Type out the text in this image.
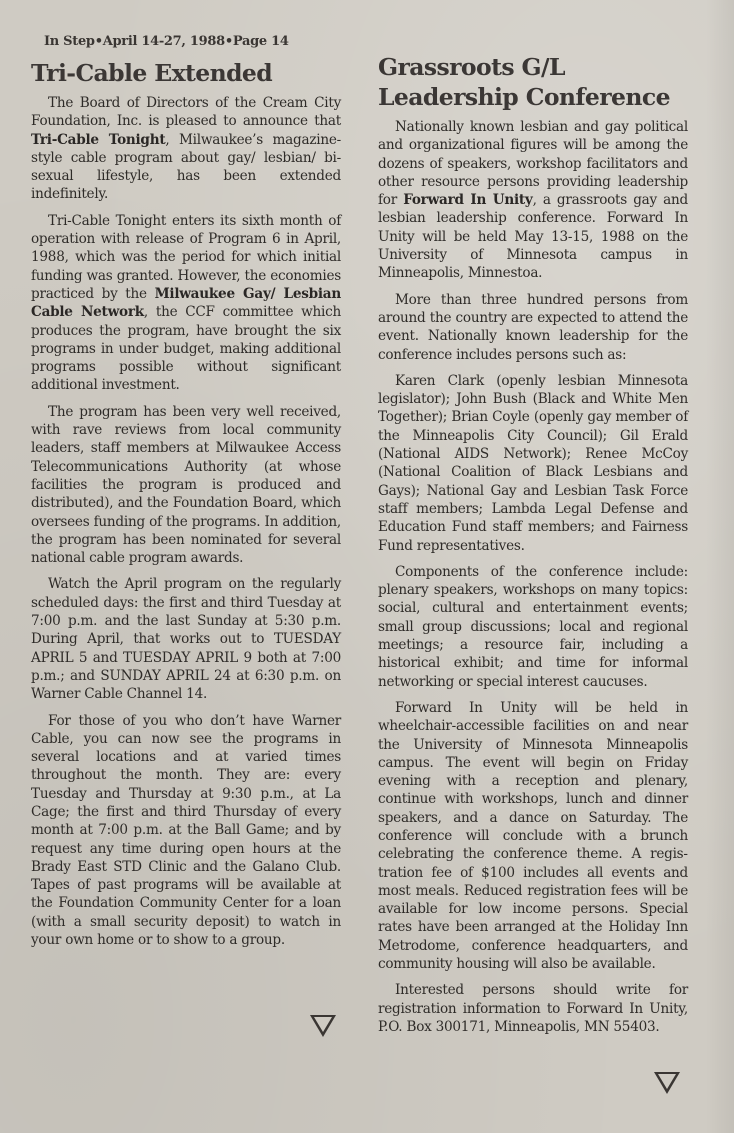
In Step•April 14-27, 1988•Page 14
Tri-Cable Extended

The Board of Directors of the Cream City Foundation, Inc. is pleased to announce that Tri-Cable Tonight, Milwaukee’s magazine-style cable program about gay/ lesbian/ bi-sexual lifestyle, has been extended indefinitely.

Tri-Cable Tonight enters its sixth month of operation with release of Program 6 in April, 1988, which was the period for which initial funding was granted. However, the economies practiced by the Milwaukee Gay/ Lesbian Cable Network, the CCF committee which produces the program, have brought the six programs in under budget, making additional programs possible without significant additional investment.

The program has been very well received, with rave reviews from local community leaders, staff members at Milwaukee Access Telecommunications Authority (at whose facilities the program is produced and distributed), and the Foundation Board, which oversees funding of the programs. In addition, the program has been nominated for several national cable program awards.

Watch the April program on the regularly scheduled days: the first and third Tuesday at 7:00 p.m. and the last Sunday at 5:30 p.m. During April, that works out to TUESDAY APRIL 5 and TUESDAY APRIL 9 both at 7:00 p.m.; and SUNDAY APRIL 24 at 6:30 p.m. on Warner Cable Channel 14.

For those of you who don’t have Warner Cable, you can now see the programs in several locations and at varied times throughout the month. They are: every Tuesday and Thursday at 9:30 p.m., at La Cage; the first and third Thursday of every month at 7:00 p.m. at the Ball Game; and by request any time during open hours at the Brady East STD Clinic and the Galano Club. Tapes of past programs will be available at the Foundation Community Center for a loan (with a small security deposit) to watch in your own home or to show to a group.

Grassroots G/L
Leadership Conference

Nationally known lesbian and gay political and organizational figures will be among the dozens of speakers, workshop facilitators and other resource persons providing leadership for Forward In Unity, a grassroots gay and lesbian leadership conference. Forward In Unity will be held May 13-15, 1988 on the University of Minnesota campus in Minneapolis, Minnestoa.

More than three hundred persons from around the country are expected to attend the event. Nationally known leadership for the conference includes persons such as:

Karen Clark (openly lesbian Minnesota legislator); John Bush (Black and White Men Together); Brian Coyle (openly gay member of the Minneapolis City Council); Gil Erald (National AIDS Network); Renee McCoy (National Coalition of Black Lesbians and Gays); National Gay and Lesbian Task Force staff members; Lambda Legal Defense and Education Fund staff members; and Fairness Fund representatives.

Components of the conference include: plenary speakers, workshops on many topics: social, cultural and entertainment events; small group discussions; local and regional meetings; a resource fair, including a historical exhibit; and time for informal networking or special interest caucuses.

Forward In Unity will be held in wheelchair-accessible facilities on and near the University of Minnesota Minneapolis campus. The event will begin on Friday evening with a reception and plenary, continue with workshops, lunch and dinner speakers, and a dance on Saturday. The conference will conclude with a brunch celebrating the conference theme. A registration fee of $100 includes all events and most meals. Reduced registration fees will be available for low income persons. Special rates have been arranged at the Holiday Inn Metrodome, conference headquarters, and community housing will also be available.

Interested persons should write for registration information to Forward In Unity, P.O. Box 300171, Minneapolis, MN 55403.
